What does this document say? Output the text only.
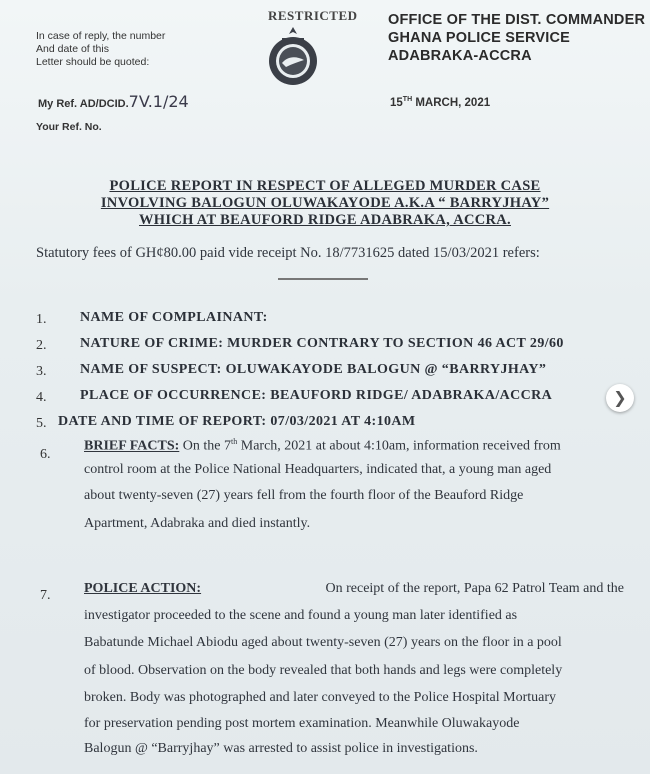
RESTRICTED
In case of reply, the number
And date of this
Letter should be quoted:
OFFICE OF THE DIST. COMMANDER
GHANA POLICE SERVICE
ADABRAKA-ACCRA
My Ref. AD/DCID.7V.1/24	15TH MARCH, 2021
Your Ref. No.
POLICE REPORT IN RESPECT OF ALLEGED MURDER CASE
INVOLVING BALOGUN OLUWAKAYODE A.K.A “ BARRYJHAY”
WHICH AT BEAUFORD RIDGE ADABRAKA, ACCRA.
Statutory fees of GH¢80.00 paid vide receipt No. 18/7731625 dated 15/03/2021 refers:
1. NAME OF COMPLAINANT:
2. NATURE OF CRIME: MURDER CONTRARY TO SECTION 46 ACT 29/60
3. NAME OF SUSPECT: OLUWAKAYODE BALOGUN @ “BARRYJHAY”
4. PLACE OF OCCURRENCE: BEAUFORD RIDGE/ ADABRAKA/ACCRA
5. DATE AND TIME OF REPORT: 07/03/2021 AT 4:10AM
❯
6.
BRIEF FACTS: On the 7th March, 2021 at about 4:10am, information received from
control room at the Police National Headquarters, indicated that, a young man aged
about twenty-seven (27) years fell from the fourth floor of the Beauford Ridge
Apartment, Adabraka and died instantly.
7. POLICE ACTION:	On receipt of the report, Papa 62 Patrol Team and the
investigator proceeded to the scene and found a young man later identified as
Babatunde Michael Abiodu aged about twenty-seven (27) years on the floor in a pool
of blood. Observation on the body revealed that both hands and legs were completely
broken. Body was photographed and later conveyed to the Police Hospital Mortuary
for preservation pending post mortem examination. Meanwhile Oluwakayode
Balogun @ “Barryjhay” was arrested to assist police in investigations.
